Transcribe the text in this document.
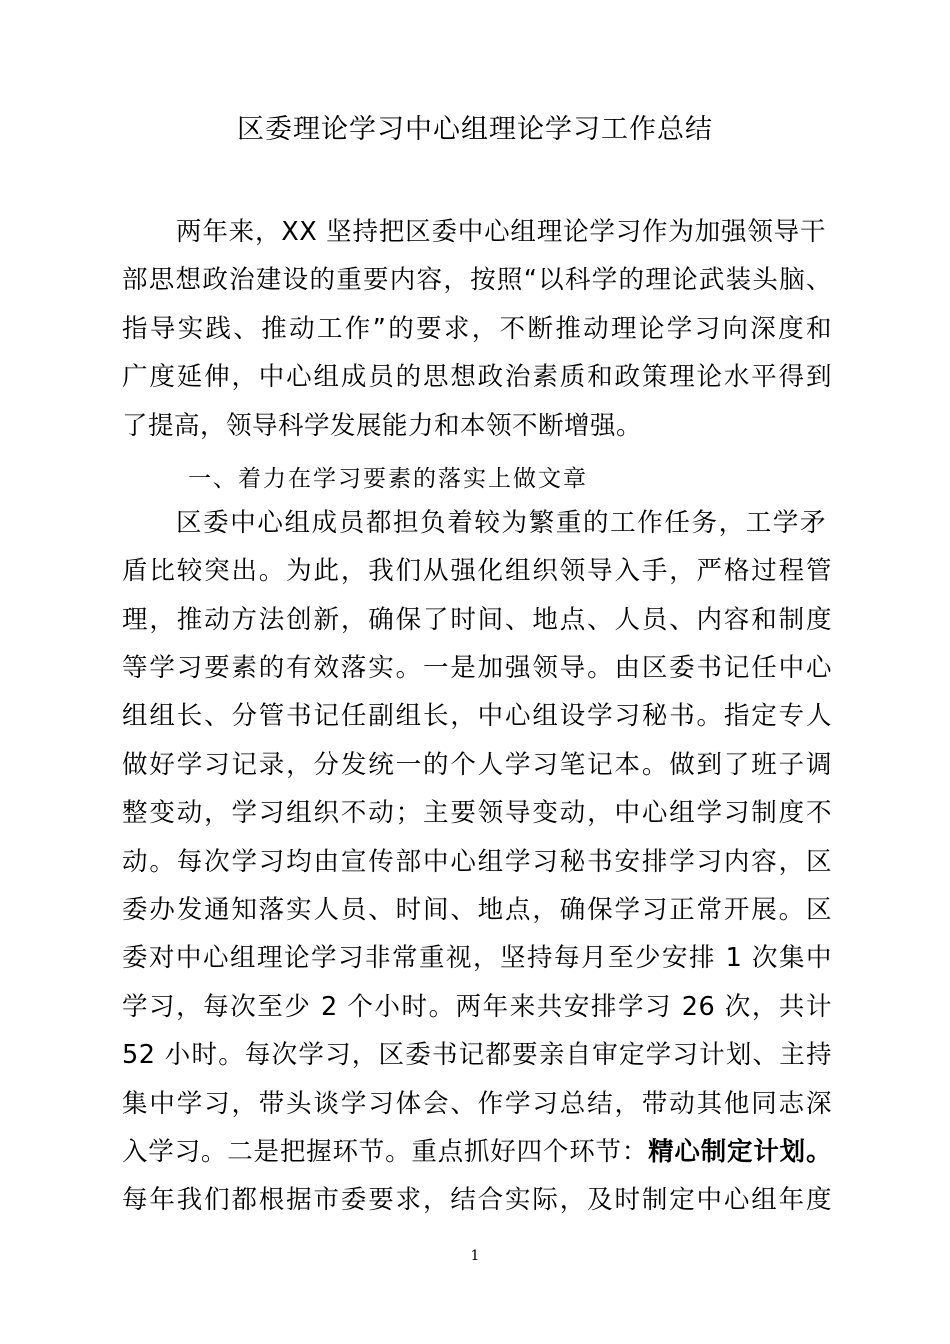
区委理论学习中心组理论学习工作总结
两年来，XX 坚持把区委中心组理论学习作为加强领导干
部思想政治建设的重要内容，按照“以科学的理论武装头脑、
指导实践、推动工作”的要求，不断推动理论学习向深度和
广度延伸，中心组成员的思想政治素质和政策理论水平得到
了提高，领导科学发展能力和本领不断增强。
一、着力在学习要素的落实上做文章
区委中心组成员都担负着较为繁重的工作任务，工学矛
盾比较突出。为此，我们从强化组织领导入手，严格过程管
理，推动方法创新，确保了时间、地点、人员、内容和制度
等学习要素的有效落实。一是加强领导。由区委书记任中心
组组长、分管书记任副组长，中心组设学习秘书。指定专人
做好学习记录，分发统一的个人学习笔记本。做到了班子调
整变动，学习组织不动；主要领导变动，中心组学习制度不
动。每次学习均由宣传部中心组学习秘书安排学习内容，区
委办发通知落实人员、时间、地点，确保学习正常开展。区
委对中心组理论学习非常重视，坚持每月至少安排 1 次集中
学习，每次至少 2 个小时。两年来共安排学习 26 次，共计
52 小时。每次学习，区委书记都要亲自审定学习计划、主持
集中学习，带头谈学习体会、作学习总结，带动其他同志深
入学习。二是把握环节。重点抓好四个环节：精心制定计划。
每年我们都根据市委要求，结合实际，及时制定中心组年度
1
